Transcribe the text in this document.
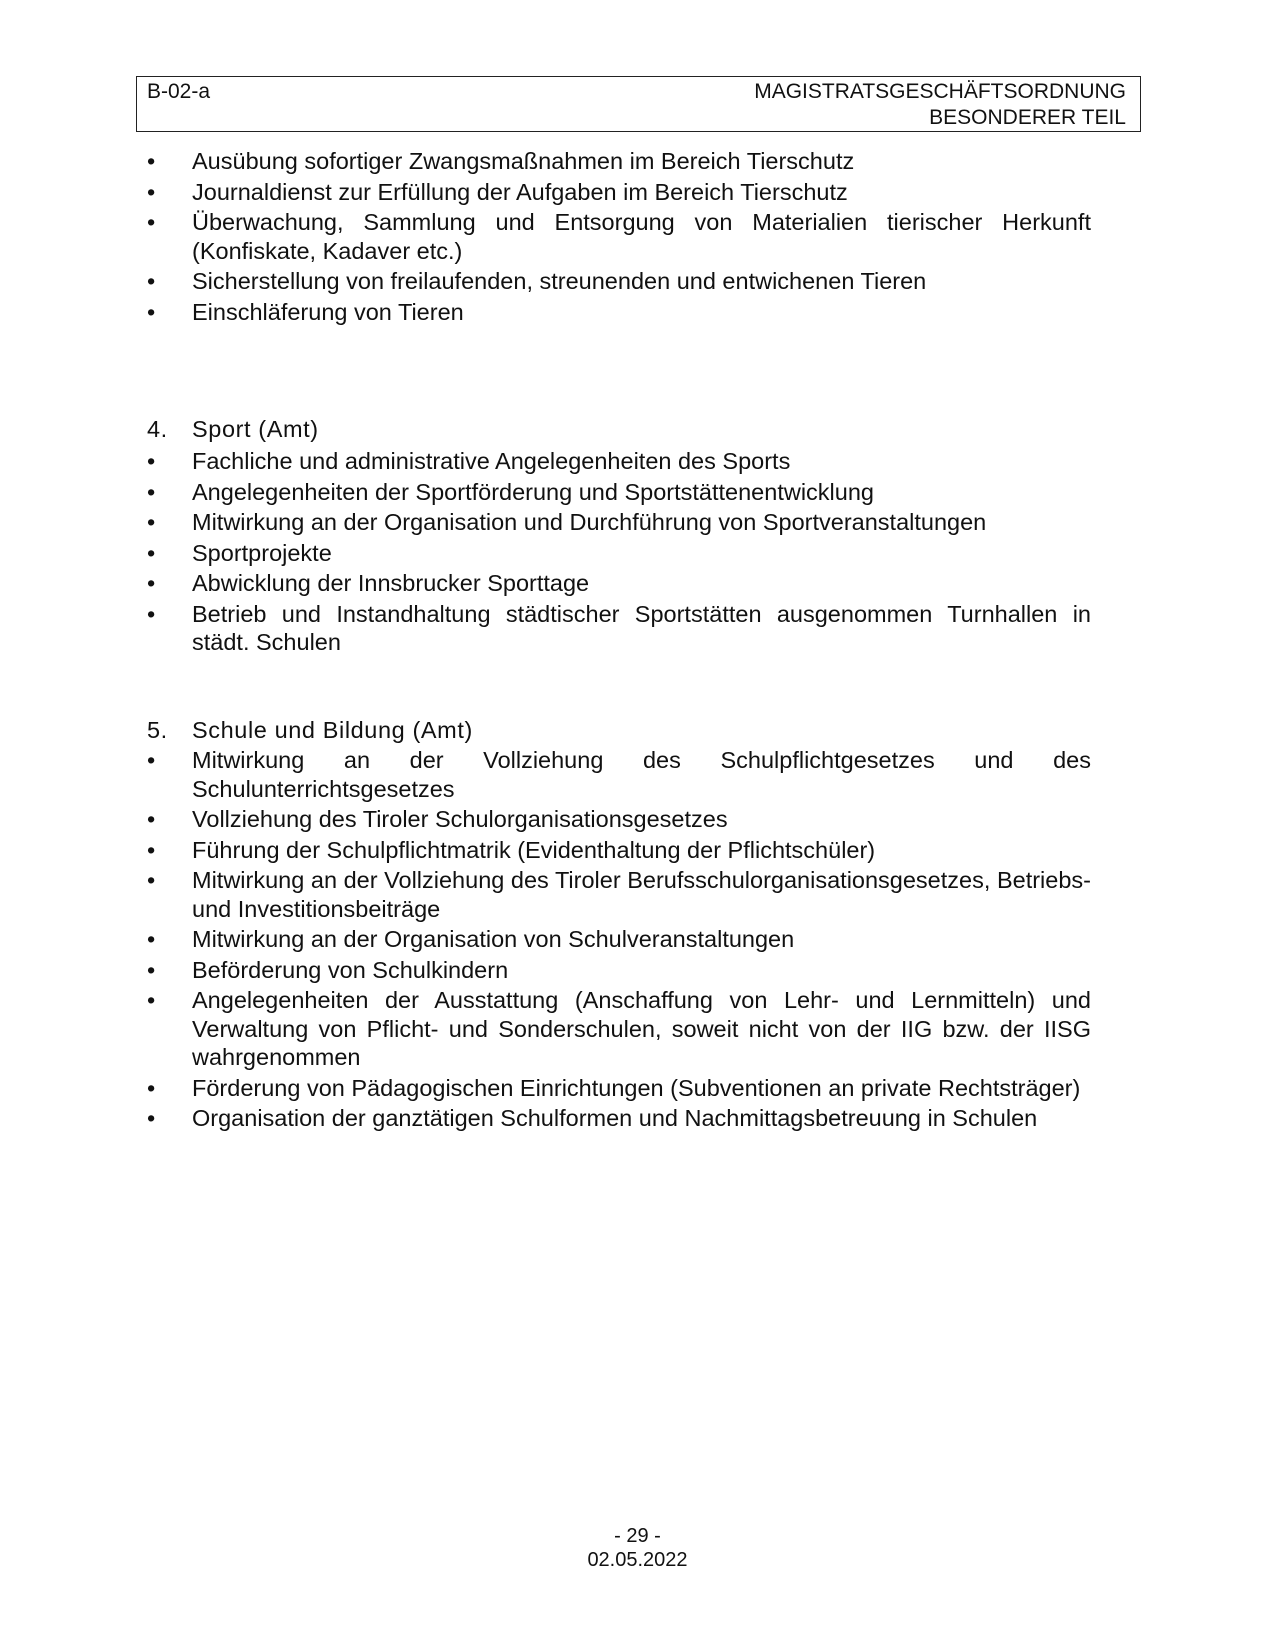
B-02-a	MAGISTRATSGESCHÄFTSORDNUNG
BESONDERER TEIL
•	Ausübung sofortiger Zwangsmaßnahmen im Bereich Tierschutz
•	Journaldienst zur Erfüllung der Aufgaben im Bereich Tierschutz
•	Überwachung, Sammlung und Entsorgung von Materialien tierischer Herkunft (Konfiskate, Kadaver etc.)
•	Sicherstellung von freilaufenden, streunenden und entwichenen Tieren
•	Einschläferung von Tieren
4. Sport (Amt)
•	Fachliche und administrative Angelegenheiten des Sports
•	Angelegenheiten der Sportförderung und Sportstättenentwicklung
•	Mitwirkung an der Organisation und Durchführung von Sportveranstaltungen
•	Sportprojekte
•	Abwicklung der Innsbrucker Sporttage
•	Betrieb und Instandhaltung städtischer Sportstätten ausgenommen Turnhallen in städt. Schulen
5. Schule und Bildung (Amt)
•	Mitwirkung an der Vollziehung des Schulpflichtgesetzes und des Schulunterrichtsgesetzes
•	Vollziehung des Tiroler Schulorganisationsgesetzes
•	Führung der Schulpflichtmatrik (Evidenthaltung der Pflichtschüler)
•	Mitwirkung an der Vollziehung des Tiroler Berufsschulorganisationsgesetzes, Betriebs- und Investitionsbeiträge
•	Mitwirkung an der Organisation von Schulveranstaltungen
•	Beförderung von Schulkindern
•	Angelegenheiten der Ausstattung (Anschaffung von Lehr- und Lernmitteln) und Verwaltung von Pflicht- und Sonderschulen, soweit nicht von der IIG bzw. der IISG wahrgenommen
•	Förderung von Pädagogischen Einrichtungen (Subventionen an private Rechtsträger)
•	Organisation der ganztätigen Schulformen und Nachmittagsbetreuung in Schulen
- 29 -
02.05.2022
